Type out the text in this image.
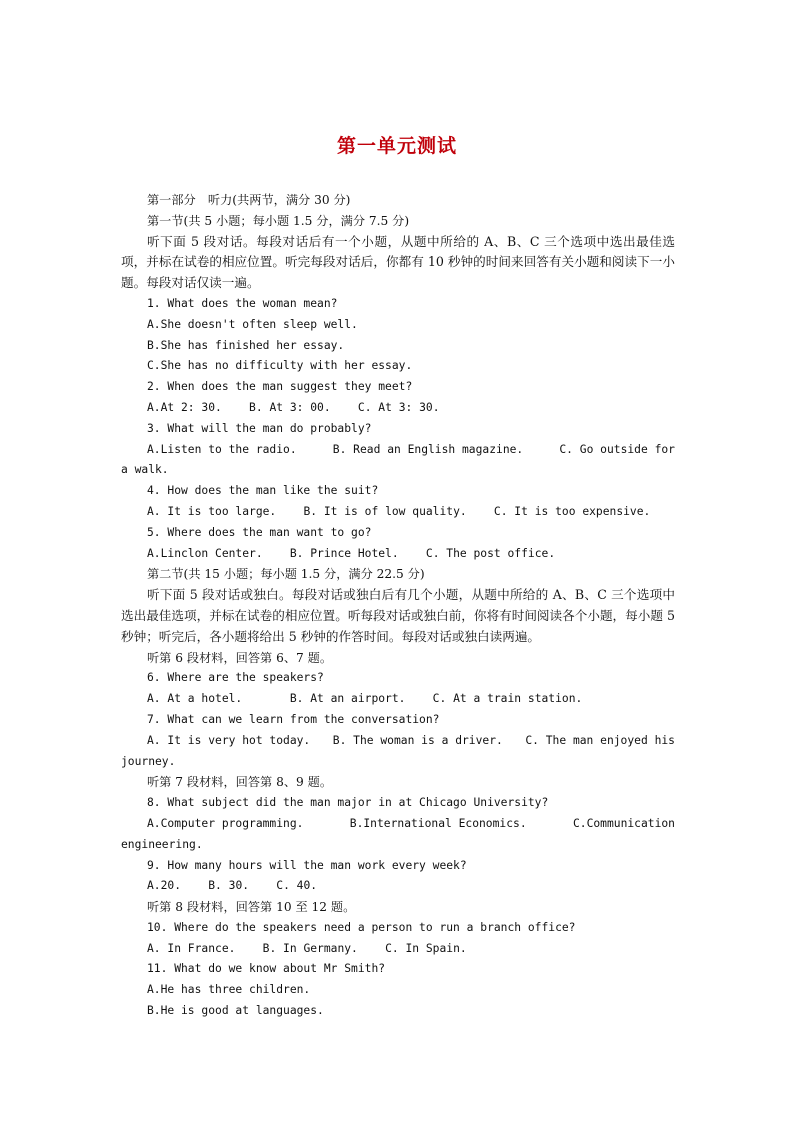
第一单元测试
第一部分　听力(共两节，满分 30 分)
第一节(共 5 小题；每小题 1.5 分，满分 7.5 分)
听下面 5 段对话。每段对话后有一个小题，从题中所给的 A、B、C 三个选项中选出最佳选项，并标在试卷的相应位置。听完每段对话后，你都有 10 秒钟的时间来回答有关小题和阅读下一小题。每段对话仅读一遍。
1. What does the woman mean?
A.She doesn't often sleep well.
B.She has finished her essay.
C.She has no difficulty with her essay.
2. When does the man suggest they meet?
A.At 2: 30. B. At 3: 00. C. At 3: 30.
3. What will the man do probably?
A.Listen to the radio.	B. Read an English magazine.	C. Go outside for
a walk.
4. How does the man like the suit?
A. It is too large. B. It is of low quality. C. It is too expensive.
5. Where does the man want to go?
A.Linclon Center. B. Prince Hotel. C. The post office.
第二节(共 15 小题；每小题 1.5 分，满分 22.5 分)
听下面 5 段对话或独白。每段对话或独白后有几个小题，从题中所给的 A、B、C 三个选项中选出最佳选项，并标在试卷的相应位置。听每段对话或独白前，你将有时间阅读各个小题，每小题 5 秒钟；听完后，各小题将给出 5 秒钟的作答时间。每段对话或独白读两遍。
听第 6 段材料，回答第 6、7 题。
6. Where are the speakers?
A. At a hotel.	B. At an airport. C. At a train station.
7. What can we learn from the conversation?
A. It is very hot today. B. The woman is a driver. C. The man enjoyed his
journey.
听第 7 段材料，回答第 8、9 题。
8. What subject did the man major in at Chicago University?
A.Computer programming.	B.International Economics.	C.Communication
engineering.
9. How many hours will the man work every week?
A.20. B. 30. C. 40.
听第 8 段材料，回答第 10 至 12 题。
10. Where do the speakers need a person to run a branch office?
A. In France. B. In Germany. C. In Spain.
11. What do we know about Mr Smith?
A.He has three children.
B.He is good at languages.
